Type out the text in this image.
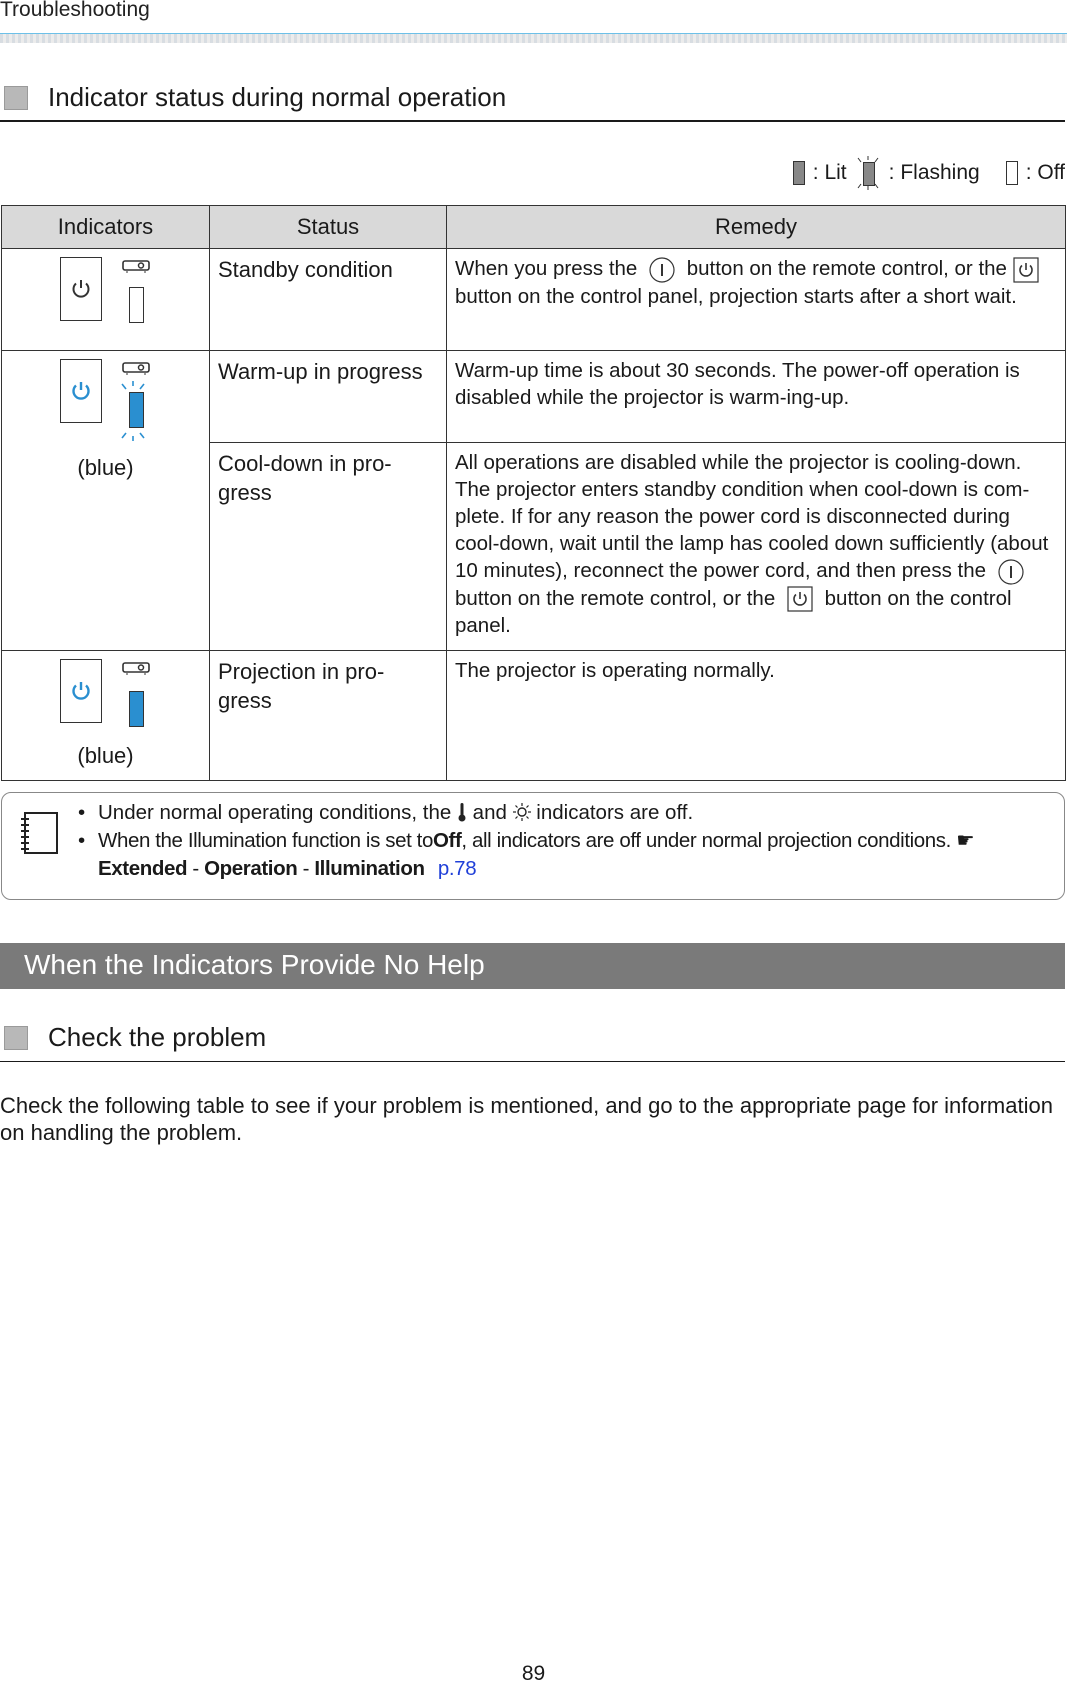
Troubleshooting
Indicator status during normal operation
: Lit : Flashing : Off
Indicators	Status	Remedy

	Standby condition	When you press the button on the remote control, or the  button on the control panel, projection starts after a short wait.

(blue)	Warm-up in progress	Warm-up time is about 30 seconds. The power-off operation is disabled while the projector is warm-ing-up.
	Cool-down in pro-gress	All operations are disabled while the projector is cooling-down. The projector enters standby condition when cool-down is com-plete. If for any reason the power cord is disconnected during cool-down, wait until the lamp has cooled down sufficiently (about 10 minutes), reconnect the power cord, and then press the  button on the remote control, or the button on the control panel.

(blue)	Projection in pro-gress	The projector is operating normally.
• Under normal operating conditions, the and indicators are off.
• When the Illumination function is set toOff, all indicators are off under normal projection conditions. ☛
Extended - Operation - Illumination p.78
When the Indicators Provide No Help
Check the problem
Check the following table to see if your problem is mentioned, and go to the appropriate page for information on handling the problem.
89
